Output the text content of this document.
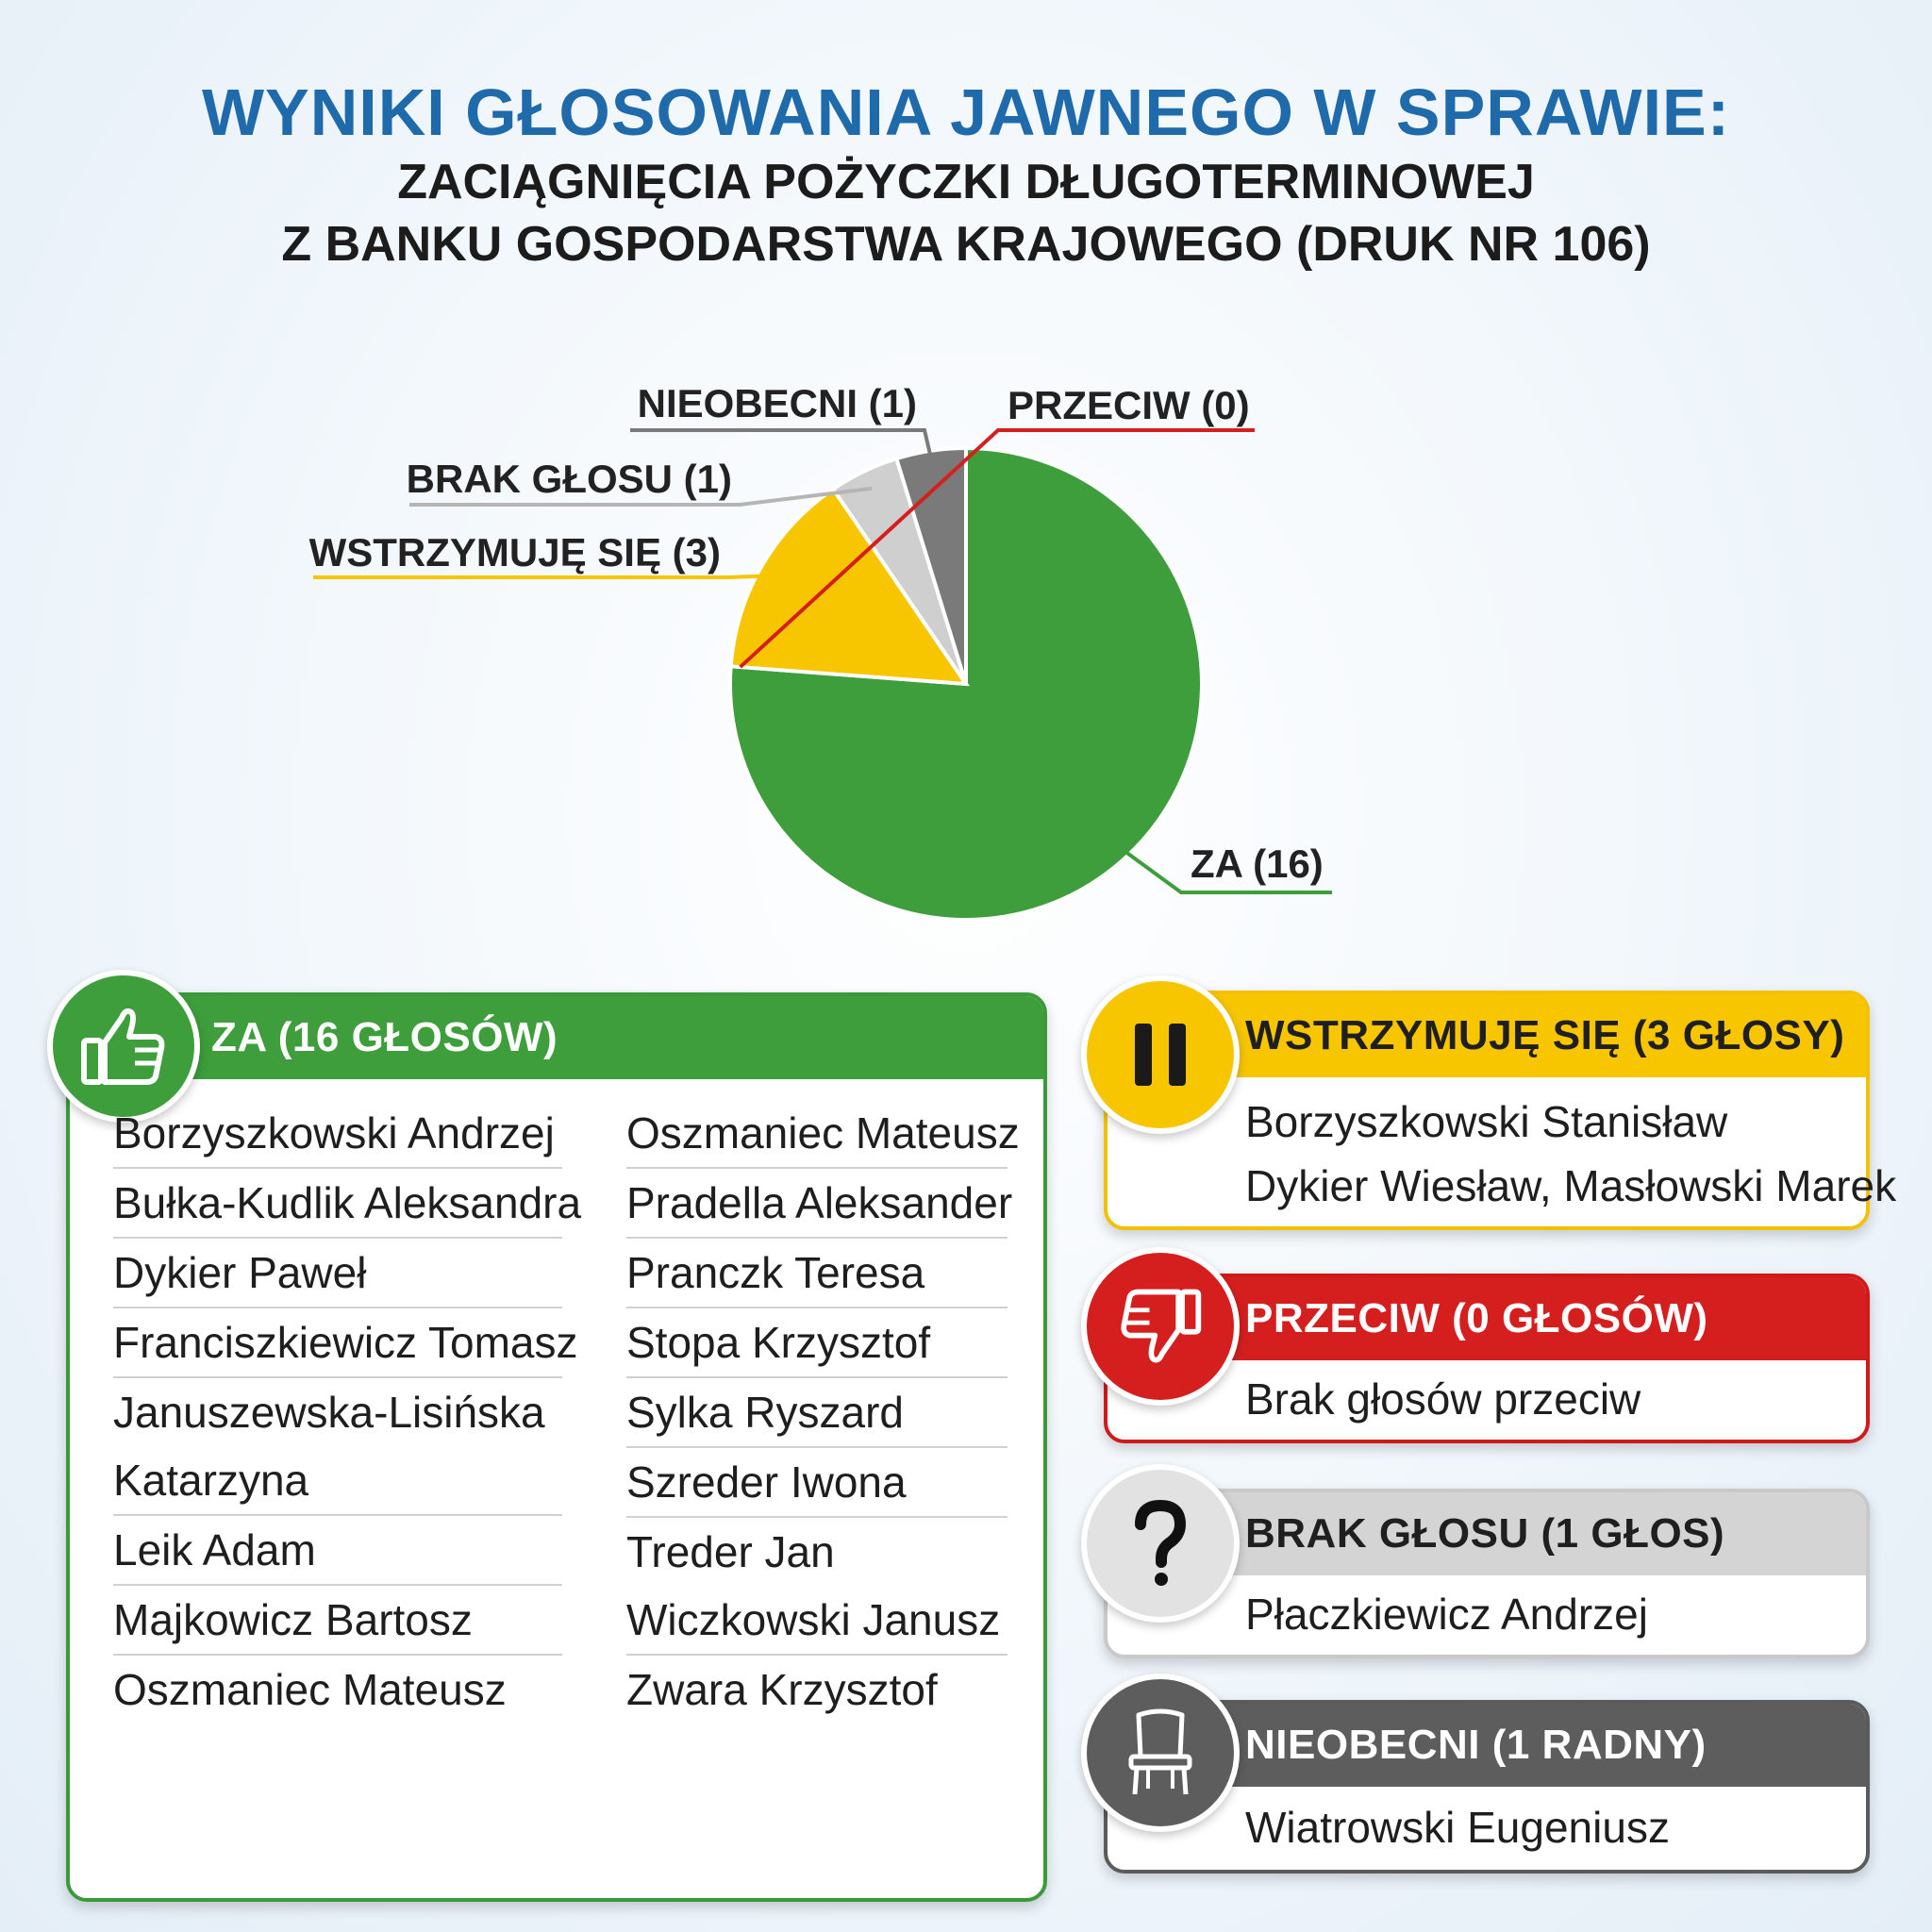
WYNIKI GŁOSOWANIA JAWNEGO W SPRAWIE:
ZACIĄGNIĘCIA POŻYCZKI DŁUGOTERMINOWEJ
Z BANKU GOSPODARSTWA KRAJOWEGO (DRUK NR 106)
ZA (16)
PRZECIW (0)
WSTRZYMUJĘ SIĘ (3)
BRAK GŁOSU (1)
NIEOBECNI (1)
ZA (16 GŁOSÓW)
Borzyszkowski Andrzej
Bułka-Kudlik Aleksandra
Dykier Paweł
Franciszkiewicz Tomasz
Januszewska-Lisińska
Katarzyna
Leik Adam
Majkowicz Bartosz
Oszmaniec Mateusz
Oszmaniec Mateusz
Pradella Aleksander
Pranczk Teresa
Stopa Krzysztof
Sylka Ryszard
Szreder Iwona
Treder Jan
Wiczkowski Janusz
Zwara Krzysztof
WSTRZYMUJĘ SIĘ (3 GŁOSY)
Borzyszkowski Stanisław
Dykier Wiesław, Masłowski Marek
PRZECIW (0 GŁOSÓW)
Brak głosów przeciw
BRAK GŁOSU (1 GŁOS)
Płaczkiewicz Andrzej
NIEOBECNI (1 RADNY)
Wiatrowski Eugeniusz
